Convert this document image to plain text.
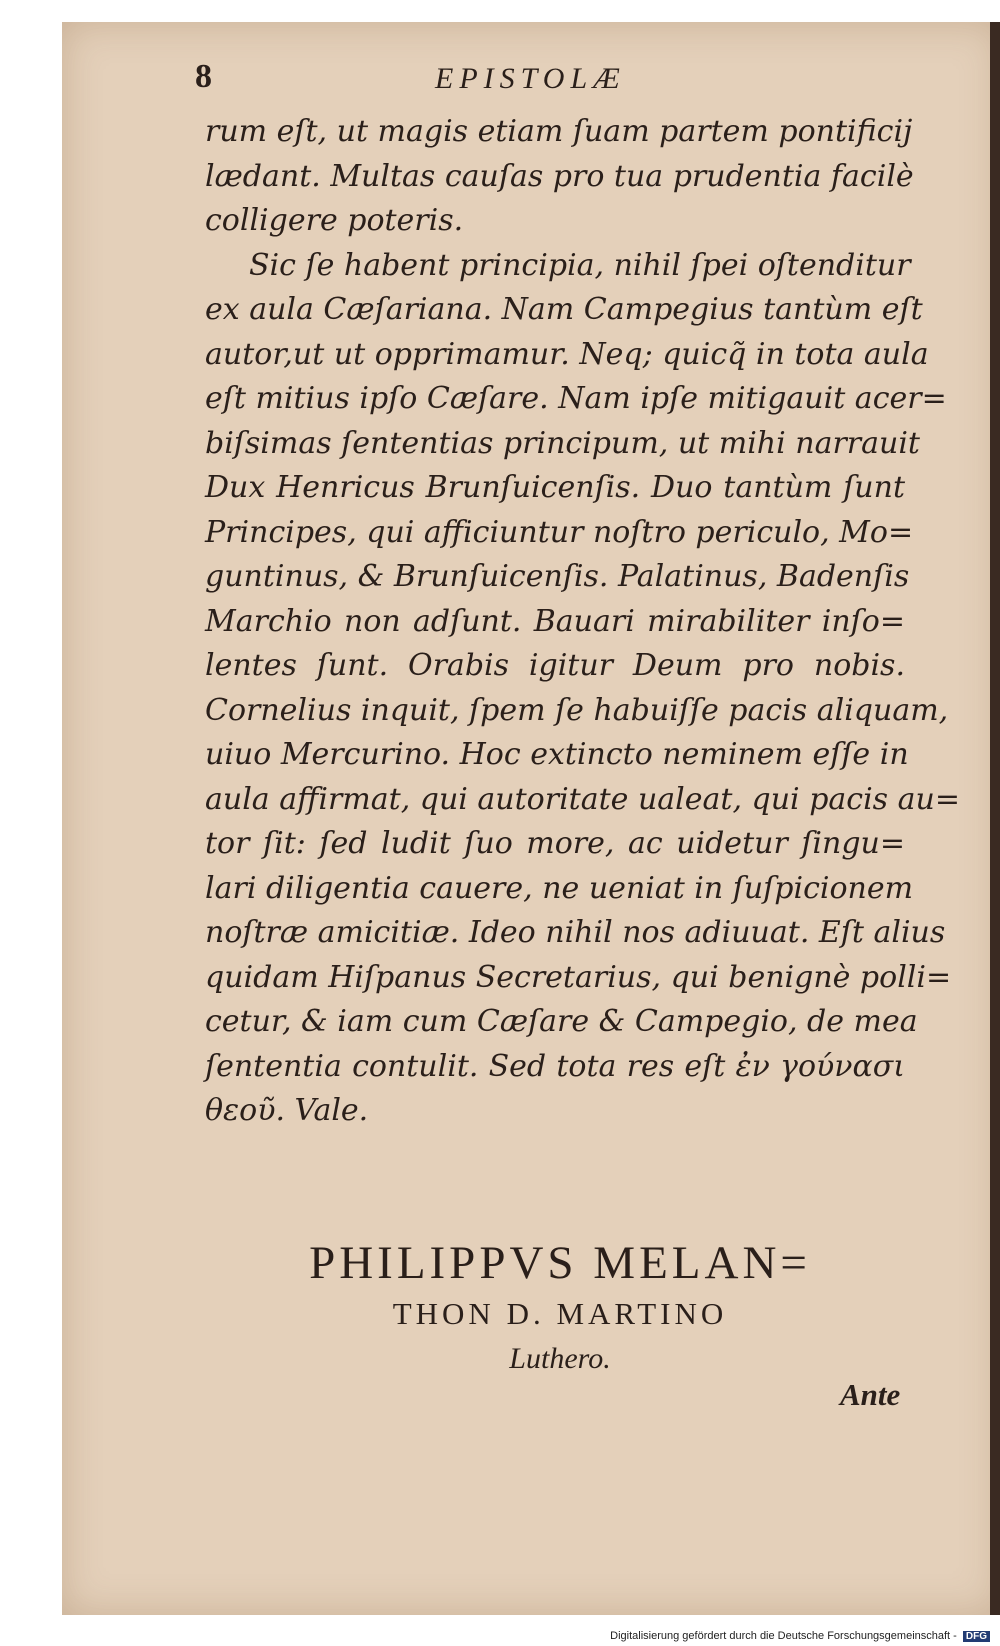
8	EPISTOLÆ
rum eſt, ut magis etiam ſuam partem pontificij
lædant. Multas cauſas pro tua prudentia facilè
colligere poteris.
Sic ſe habent principia, nihil ſpei oſtenditur
ex aula Cæſariana. Nam Campegius tantùm eſt
autor,ut ut opprimamur. Neq; quicq̃ in tota aula
eſt mitius ipſo Cæſare. Nam ipſe mitigauit acer=
biſsimas ſententias principum, ut mihi narrauit
Dux Henricus Brunſuicenſis. Duo tantùm ſunt
Principes, qui afficiuntur noſtro periculo, Mo=
guntinus, & Brunſuicenſis. Palatinus, Badenſis
Marchio non adſunt. Bauari mirabiliter inſo=
lentes ſunt. Orabis igitur Deum pro nobis.
Cornelius inquit, ſpem ſe habuiſſe pacis aliquam,
uiuo Mercurino. Hoc extincto neminem eſſe in
aula affirmat, qui autoritate ualeat, qui pacis au=
tor ſit: ſed ludit ſuo more, ac uidetur ſingu=
lari diligentia cauere, ne ueniat in ſuſpicionem
noſtræ amicitiæ. Ideo nihil nos adiuuat. Eſt alius
quidam Hiſpanus Secretarius, qui benignè polli=
cetur, & iam cum Cæſare & Campegio, de mea
ſententia contulit. Sed tota res eſt ἐν γούνασι
θεοῦ. Vale.
PHILIPPVS MELAN=
THON D. MARTINO
Luthero.
Ante
Digitalisierung gefördert durch die Deutsche Forschungsgemeinschaft - DFG
